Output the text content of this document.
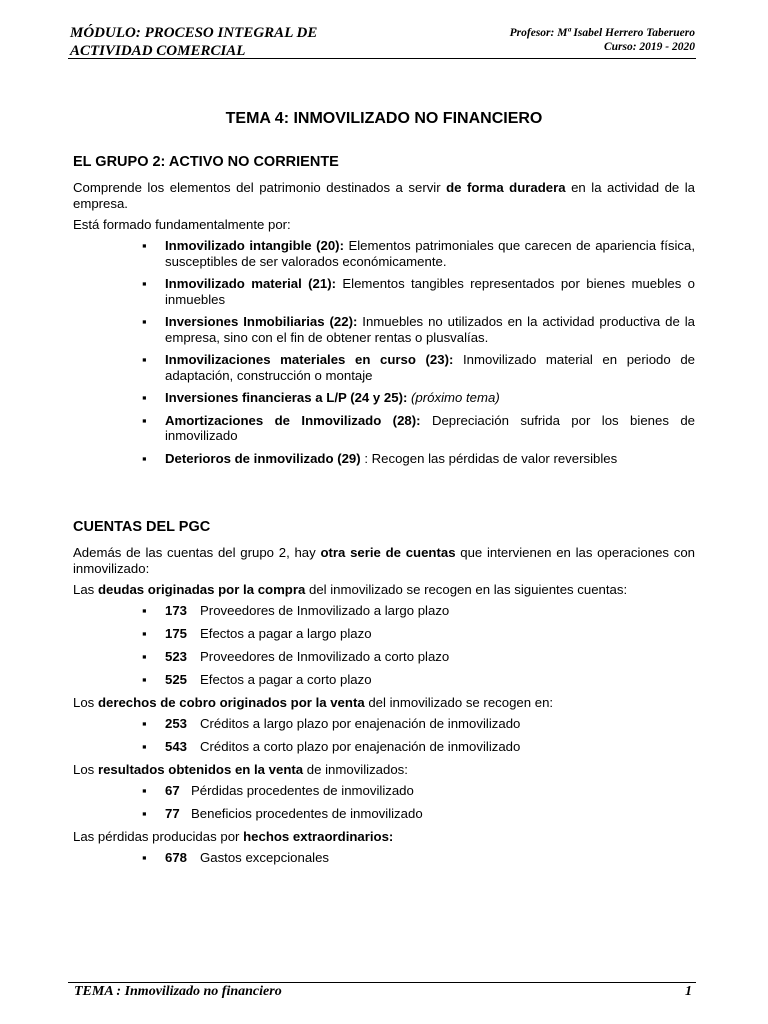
MÓDULO: PROCESO INTEGRAL DE
ACTIVIDAD COMERCIAL
Profesor: Mª Isabel Herrero Taberuero
Curso: 2019 - 2020
TEMA 4: INMOVILIZADO NO FINANCIERO
EL GRUPO 2: ACTIVO NO CORRIENTE

Comprende los elementos del patrimonio destinados a servir de forma duradera en la actividad de la empresa.

Está formado fundamentalmente por:

▪ Inmovilizado intangible (20): Elementos patrimoniales que carecen de apariencia física, susceptibles de ser valorados económicamente.
▪ Inmovilizado material (21): Elementos tangibles representados por bienes muebles o inmuebles
▪ Inversiones Inmobiliarias (22): Inmuebles no utilizados en la actividad productiva de la empresa, sino con el fin de obtener rentas o plusvalías.
▪ Inmovilizaciones materiales en curso (23): Inmovilizado material en periodo de adaptación, construcción o montaje
▪ Inversiones financieras a L/P (24 y 25): (próximo tema)
▪ Amortizaciones de Inmovilizado (28): Depreciación sufrida por los bienes de inmovilizado
▪ Deterioros de inmovilizado (29) : Recogen las pérdidas de valor reversibles
CUENTAS DEL PGC

Además de las cuentas del grupo 2, hay otra serie de cuentas que intervienen en las operaciones con inmovilizado:

Las deudas originadas por la compra del inmovilizado se recogen en las siguientes cuentas:

▪ 173 Proveedores de Inmovilizado a largo plazo
▪ 175 Efectos a pagar a largo plazo
▪ 523 Proveedores de Inmovilizado a corto plazo
▪ 525 Efectos a pagar a corto plazo

Los derechos de cobro originados por la venta del inmovilizado se recogen en:

▪ 253 Créditos a largo plazo por enajenación de inmovilizado
▪ 543 Créditos a corto plazo por enajenación de inmovilizado

Los resultados obtenidos en la venta de inmovilizados:

▪ 67 Pérdidas procedentes de inmovilizado
▪ 77 Beneficios procedentes de inmovilizado

Las pérdidas producidas por hechos extraordinarios:

▪ 678 Gastos excepcionales
TEMA : Inmovilizado no financiero	1
